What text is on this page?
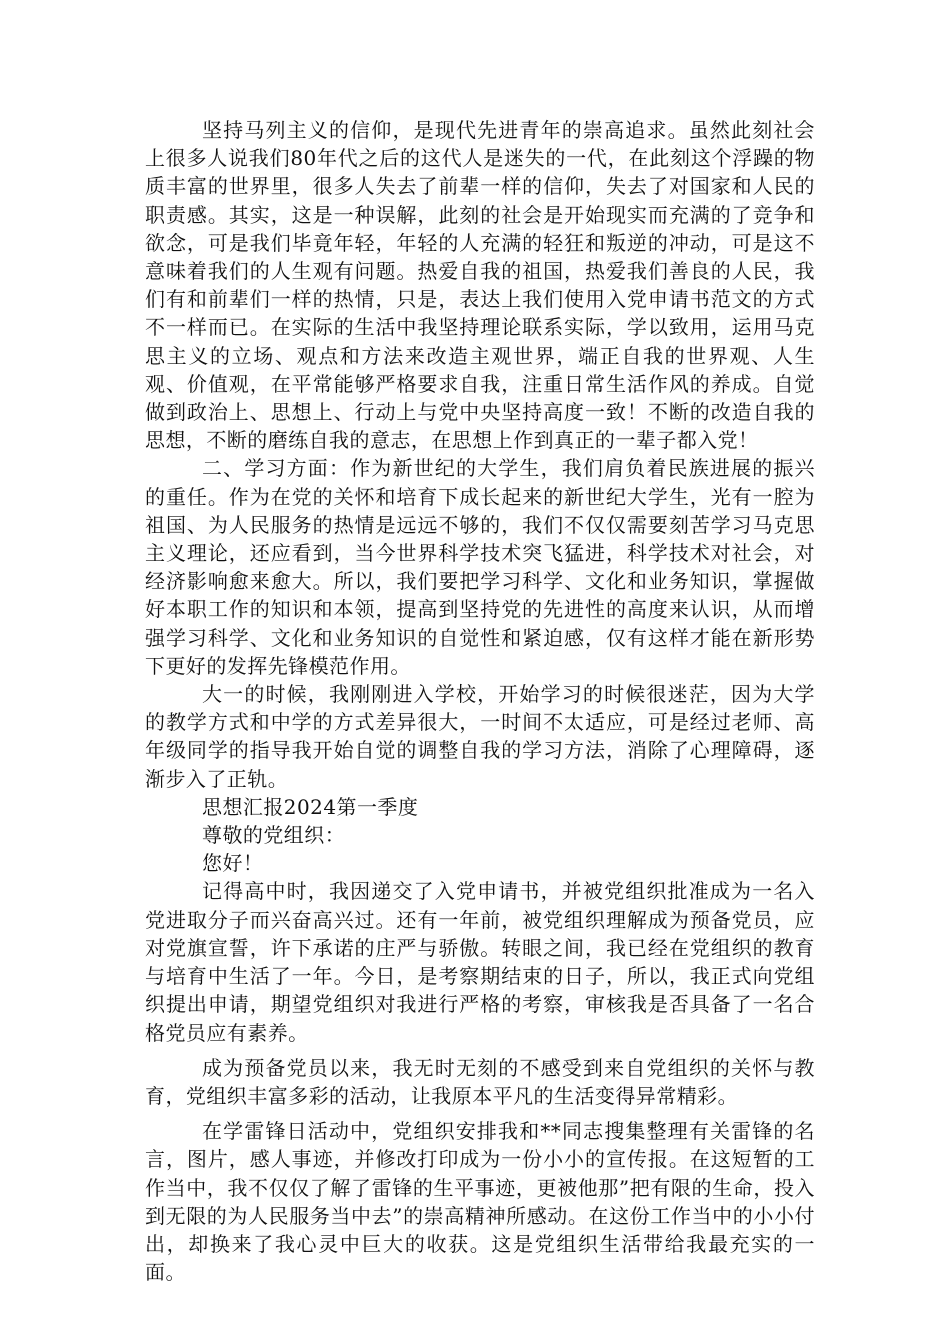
坚持马列主义的信仰，是现代先进青年的崇高追求。虽然此刻社会上很多人说我们80年代之后的这代人是迷失的一代，在此刻这个浮躁的物质丰富的世界里，很多人失去了前辈一样的信仰，失去了对国家和人民的职责感。其实，这是一种误解，此刻的社会是开始现实而充满的了竞争和欲念，可是我们毕竟年轻，年轻的人充满的轻狂和叛逆的冲动，可是这不意味着我们的人生观有问题。热爱自我的祖国，热爱我们善良的人民，我们有和前辈们一样的热情，只是，表达上我们使用入党申请书范文的方式不一样而已。在实际的生活中我坚持理论联系实际，学以致用，运用马克思主义的立场、观点和方法来改造主观世界，端正自我的世界观、人生观、价值观，在平常能够严格要求自我，注重日常生活作风的养成。自觉做到政治上、思想上、行动上与党中央坚持高度一致！不断的改造自我的思想，不断的磨练自我的意志，在思想上作到真正的一辈子都入党！

二、学习方面：作为新世纪的大学生，我们肩负着民族进展的振兴的重任。作为在党的关怀和培育下成长起来的新世纪大学生，光有一腔为祖国、为人民服务的热情是远远不够的，我们不仅仅需要刻苦学习马克思主义理论，还应看到，当今世界科学技术突飞猛进，科学技术对社会，对经济影响愈来愈大。所以，我们要把学习科学、文化和业务知识，掌握做好本职工作的知识和本领，提高到坚持党的先进性的高度来认识，从而增强学习科学、文化和业务知识的自觉性和紧迫感，仅有这样才能在新形势下更好的发挥先锋模范作用。

大一的时候，我刚刚进入学校，开始学习的时候很迷茫，因为大学的教学方式和中学的方式差异很大，一时间不太适应，可是经过老师、高年级同学的指导我开始自觉的调整自我的学习方法，消除了心理障碍，逐渐步入了正轨。

思想汇报2024第一季度

尊敬的党组织：

您好！

记得高中时，我因递交了入党申请书，并被党组织批准成为一名入党进取分子而兴奋高兴过。还有一年前，被党组织理解成为预备党员，应对党旗宣誓，许下承诺的庄严与骄傲。转眼之间，我已经在党组织的教育与培育中生活了一年。今日，是考察期结束的日子，所以，我正式向党组织提出申请，期望党组织对我进行严格的考察，审核我是否具备了一名合格党员应有素养。

成为预备党员以来，我无时无刻的不感受到来自党组织的关怀与教育，党组织丰富多彩的活动，让我原本平凡的生活变得异常精彩。

在学雷锋日活动中，党组织安排我和**同志搜集整理有关雷锋的名言，图片，感人事迹，并修改打印成为一份小小的宣传报。在这短暂的工作当中，我不仅仅了解了雷锋的生平事迹，更被他那”把有限的生命，投入到无限的为人民服务当中去”的崇高精神所感动。在这份工作当中的小小付出，却换来了我心灵中巨大的收获。这是党组织生活带给我最充实的一面。
